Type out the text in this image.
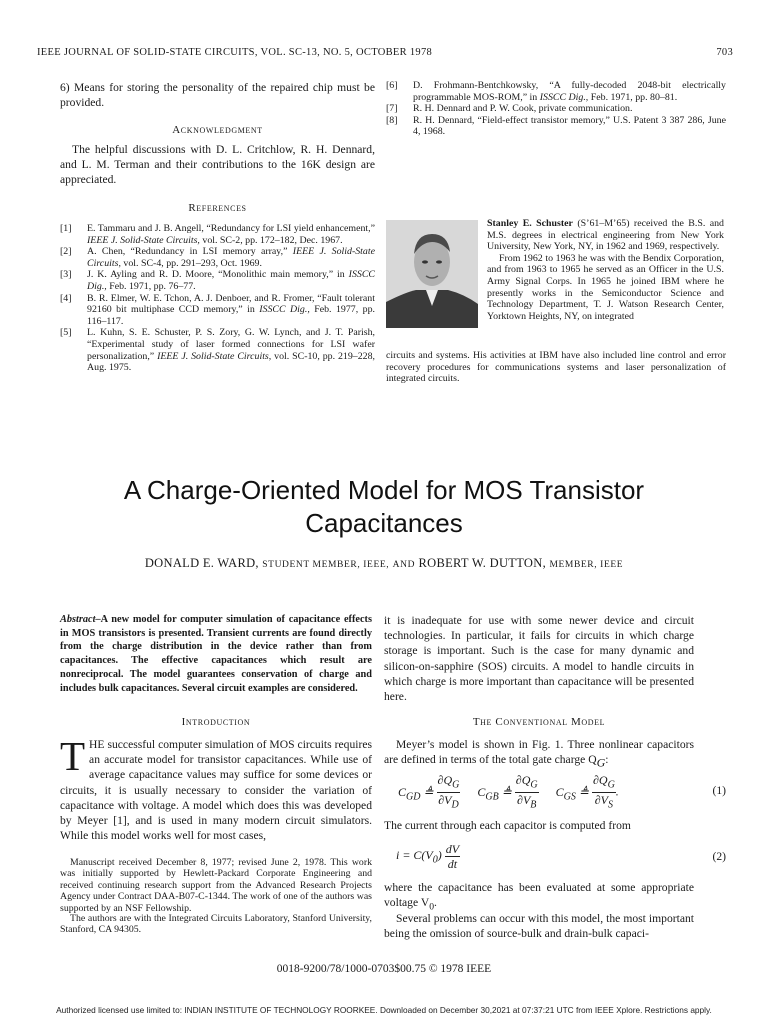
IEEE JOURNAL OF SOLID-STATE CIRCUITS, VOL. SC-13, NO. 5, OCTOBER 1978	703
6) Means for storing the personality of the repaired chip must be provided.
Acknowledgment
The helpful discussions with D. L. Critchlow, R. H. Dennard, and L. M. Terman and their contributions to the 16K design are appreciated.
References
[1] E. Tammaru and J. B. Angell, “Redundancy for LSI yield enhancement,” IEEE J. Solid-State Circuits, vol. SC-2, pp. 172–182, Dec. 1967.
[2] A. Chen, “Redundancy in LSI memory array,” IEEE J. Solid-State Circuits, vol. SC-4, pp. 291–293, Oct. 1969.
[3] J. K. Ayling and R. D. Moore, “Monolithic main memory,” in ISSCC Dig., Feb. 1971, pp. 76–77.
[4] B. R. Elmer, W. E. Tchon, A. J. Denboer, and R. Fromer, “Fault tolerant 92160 bit multiphase CCD memory,” in ISSCC Dig., Feb. 1977, pp. 116–117.
[5] L. Kuhn, S. E. Schuster, P. S. Zory, G. W. Lynch, and J. T. Parish, “Experimental study of laser formed connections for LSI wafer personalization,” IEEE J. Solid-State Circuits, vol. SC-10, pp. 219–228, Aug. 1975.
[6] D. Frohmann-Bentchkowsky, “A fully-decoded 2048-bit electrically programmable MOS-ROM,” in ISSCC Dig., Feb. 1971, pp. 80–81.
[7] R. H. Dennard and P. W. Cook, private communication.
[8] R. H. Dennard, “Field-effect transistor memory,” U.S. Patent 3 387 286, June 4, 1968.
Stanley E. Schuster (S’61–M’65) received the B.S. and M.S. degrees in electrical engineering from New York University, New York, NY, in 1962 and 1969, respectively.
From 1962 to 1963 he was with the Bendix Corporation, and from 1963 to 1965 he served as an Officer in the U.S. Army Signal Corps. In 1965 he joined IBM where he presently works in the Semiconductor Science and Technology Department, T. J. Watson Research Center, Yorktown Heights, NY, on integrated
circuits and systems. His activities at IBM have also included line control and error recovery procedures for communications systems and laser personalization of integrated circuits.
A Charge-Oriented Model for MOS Transistor Capacitances
DONALD E. WARD, STUDENT MEMBER, IEEE, AND ROBERT W. DUTTON, MEMBER, IEEE
Abstract–A new model for computer simulation of capacitance effects in MOS transistors is presented. Transient currents are found directly from the charge distribution in the device rather than from capacitances. The effective capacitances which result are nonreciprocal. The model guarantees conservation of charge and includes bulk capacitances. Several circuit examples are considered.
Introduction
THE successful computer simulation of MOS circuits requires an accurate model for transistor capacitances. While use of average capacitance values may suffice for some devices or circuits, it is usually necessary to consider the variation of capacitance with voltage. A model which does this was developed by Meyer [1], and is used in many modern circuit simulators. While this model works well for most cases,
Manuscript received December 8, 1977; revised June 2, 1978. This work was initially supported by Hewlett-Packard Corporate Engineering and received continuing research support from the Advanced Research Projects Agency under Contract DAA-B07-C-1344. The work of one of the authors was supported by an NSF Fellowship.
The authors are with the Integrated Circuits Laboratory, Stanford University, Stanford, CA 94305.
it is inadequate for use with some newer device and circuit technologies. In particular, it fails for circuits in which charge storage is important. Such is the case for many dynamic and silicon-on-sapphire (SOS) circuits. A model to handle circuits in which charge is more important than capacitance will be presented here.
The Conventional Model
Meyer’s model is shown in Fig. 1. Three nonlinear capacitors are defined in terms of the total gate charge $Q_G$:
$C_{GD}$ ≜ $\frac{\partial Q_G}{\partial V_D} C_{GB}$ ≜ $\frac{\partial Q_G}{\partial V_B} C_{GS}$ ≜ $\frac{\partial Q_G}{\partial V_S}$ .	(1)
The current through each capacitor is computed from
$i = C(V_0) \frac{dV}{dt}$	(2)
where the capacitance has been evaluated at some appropriate voltage $V_0$.
Several problems can occur with this model, the most important being the omission of source-bulk and drain-bulk capaci-
0018-9200/78/1000-0703$00.75 © 1978 IEEE
Authorized licensed use limited to: INDIAN INSTITUTE OF TECHNOLOGY ROORKEE. Downloaded on December 30,2021 at 07:37:21 UTC from IEEE Xplore. Restrictions apply.
